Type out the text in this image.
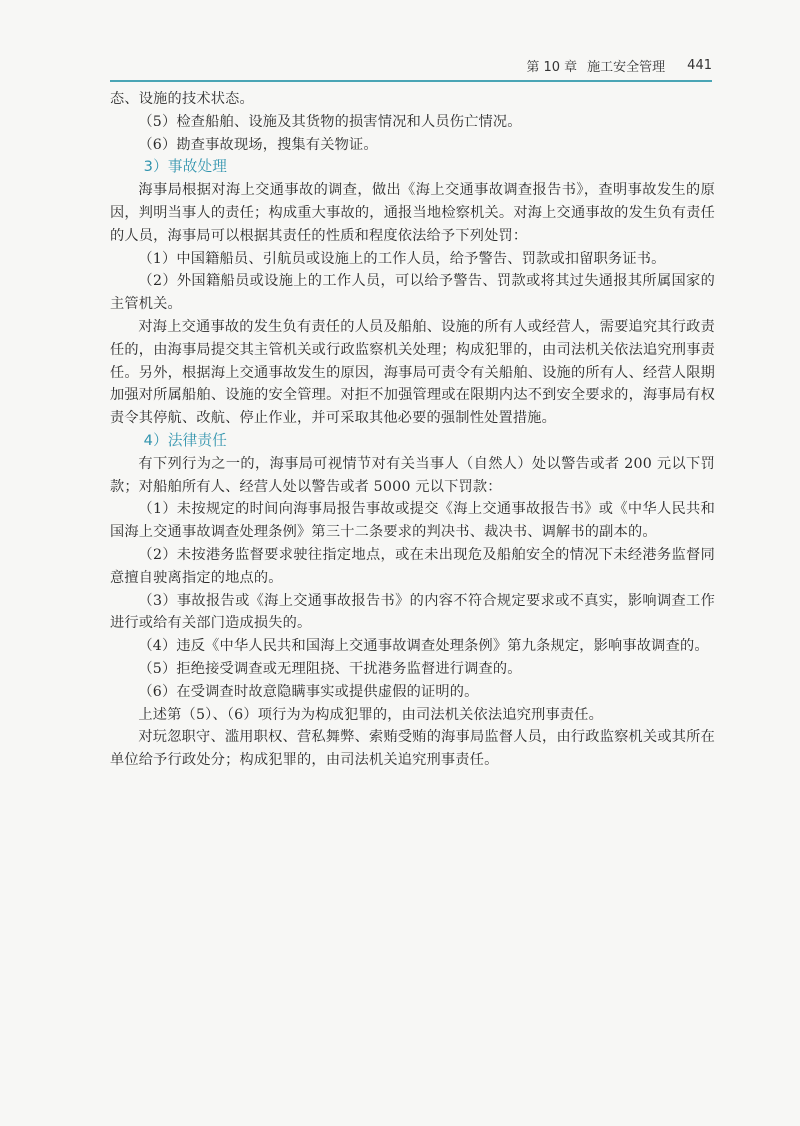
第 10 章 施工安全管理 441

态、设施的技术状态。

（5）检查船舶、设施及其货物的损害情况和人员伤亡情况。

（6）勘查事故现场，搜集有关物证。

3）事故处理

海事局根据对海上交通事故的调查，做出《海上交通事故调查报告书》，查明事故发生的原因，判明当事人的责任；构成重大事故的，通报当地检察机关。对海上交通事故的发生负有责任的人员，海事局可以根据其责任的性质和程度依法给予下列处罚：

（1）中国籍船员、引航员或设施上的工作人员，给予警告、罚款或扣留职务证书。

（2）外国籍船员或设施上的工作人员，可以给予警告、罚款或将其过失通报其所属国家的主管机关。

对海上交通事故的发生负有责任的人员及船舶、设施的所有人或经营人，需要追究其行政责任的，由海事局提交其主管机关或行政监察机关处理；构成犯罪的，由司法机关依法追究刑事责任。另外，根据海上交通事故发生的原因，海事局可责令有关船舶、设施的所有人、经营人限期加强对所属船舶、设施的安全管理。对拒不加强管理或在限期内达不到安全要求的，海事局有权责令其停航、改航、停止作业，并可采取其他必要的强制性处置措施。

4）法律责任

有下列行为之一的，海事局可视情节对有关当事人（自然人）处以警告或者 200 元以下罚款；对船舶所有人、经营人处以警告或者 5000 元以下罚款：

（1）未按规定的时间向海事局报告事故或提交《海上交通事故报告书》或《中华人民共和国海上交通事故调查处理条例》第三十二条要求的判决书、裁决书、调解书的副本的。

（2）未按港务监督要求驶往指定地点，或在未出现危及船舶安全的情况下未经港务监督同意擅自驶离指定的地点的。

（3）事故报告或《海上交通事故报告书》的内容不符合规定要求或不真实，影响调查工作进行或给有关部门造成损失的。

（4）违反《中华人民共和国海上交通事故调查处理条例》第九条规定，影响事故调查的。

（5）拒绝接受调查或无理阻挠、干扰港务监督进行调查的。

（6）在受调查时故意隐瞒事实或提供虚假的证明的。

上述第（5）、（6）项行为为构成犯罪的，由司法机关依法追究刑事责任。

对玩忽职守、滥用职权、营私舞弊、索贿受贿的海事局监督人员，由行政监察机关或其所在单位给予行政处分；构成犯罪的，由司法机关追究刑事责任。
